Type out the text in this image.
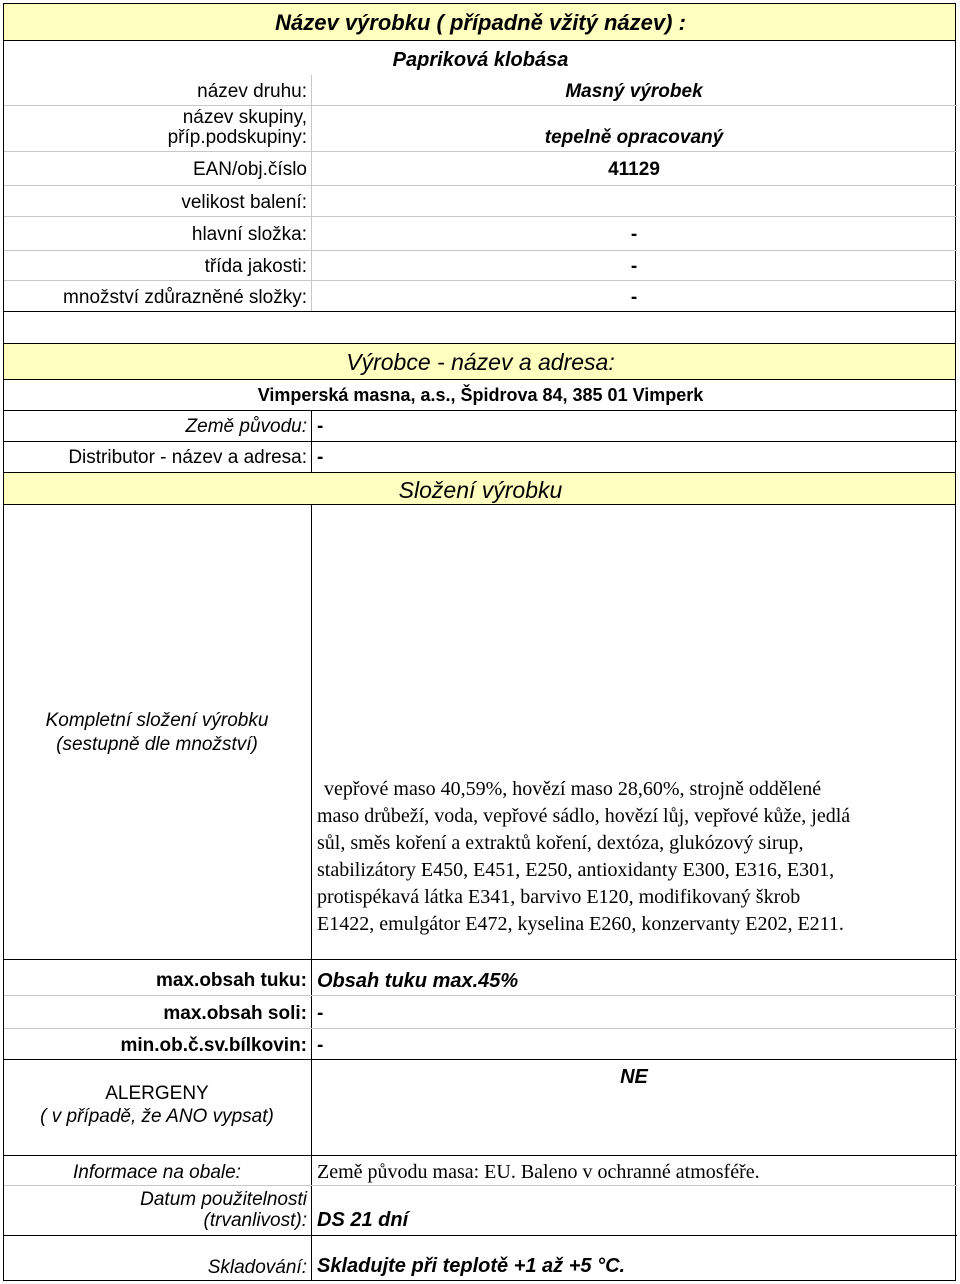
Název výrobku ( případně vžitý název) :
Papriková klobása
název druhu:	Masný výrobek
název skupiny,
příp.podskupiny:	tepelně opracovaný
EAN/obj.číslo	41129
velikost balení:
hlavní složka:	-
třída jakosti:	-
množství zdůrazněné složky:	-
Výrobce - název a adresa:
Vimperská masna, a.s., Špidrova 84, 385 01 Vimperk
Země původu: -
Distributor - název a adresa: -
Složení výrobku
Kompletní složení výrobku
(sestupně dle množství)
vepřové maso 40,59%, hovězí maso 28,60%, strojně oddělené
maso drůbeží, voda, vepřové sádlo, hovězí lůj, vepřové kůže, jedlá
sůl, směs koření a extraktů koření, dextóza, glukózový sirup,
stabilizátory E450, E451, E250, antioxidanty E300, E316, E301,
protispékavá látka E341, barvivo E120, modifikovaný škrob
E1422, emulgátor E472, kyselina E260, konzervanty E202, E211.
max.obsah tuku: Obsah tuku max.45%
max.obsah soli: -
min.ob.č.sv.bílkovin: -
ALERGENY
( v případě, že ANO vypsat)
NE
Informace na obale:	Země původu masa: EU. Baleno v ochranné atmosféře.
Datum použitelnosti
(trvanlivost): DS 21 dní
Skladování: Skladujte při teplotě +1 až +5 °C.
